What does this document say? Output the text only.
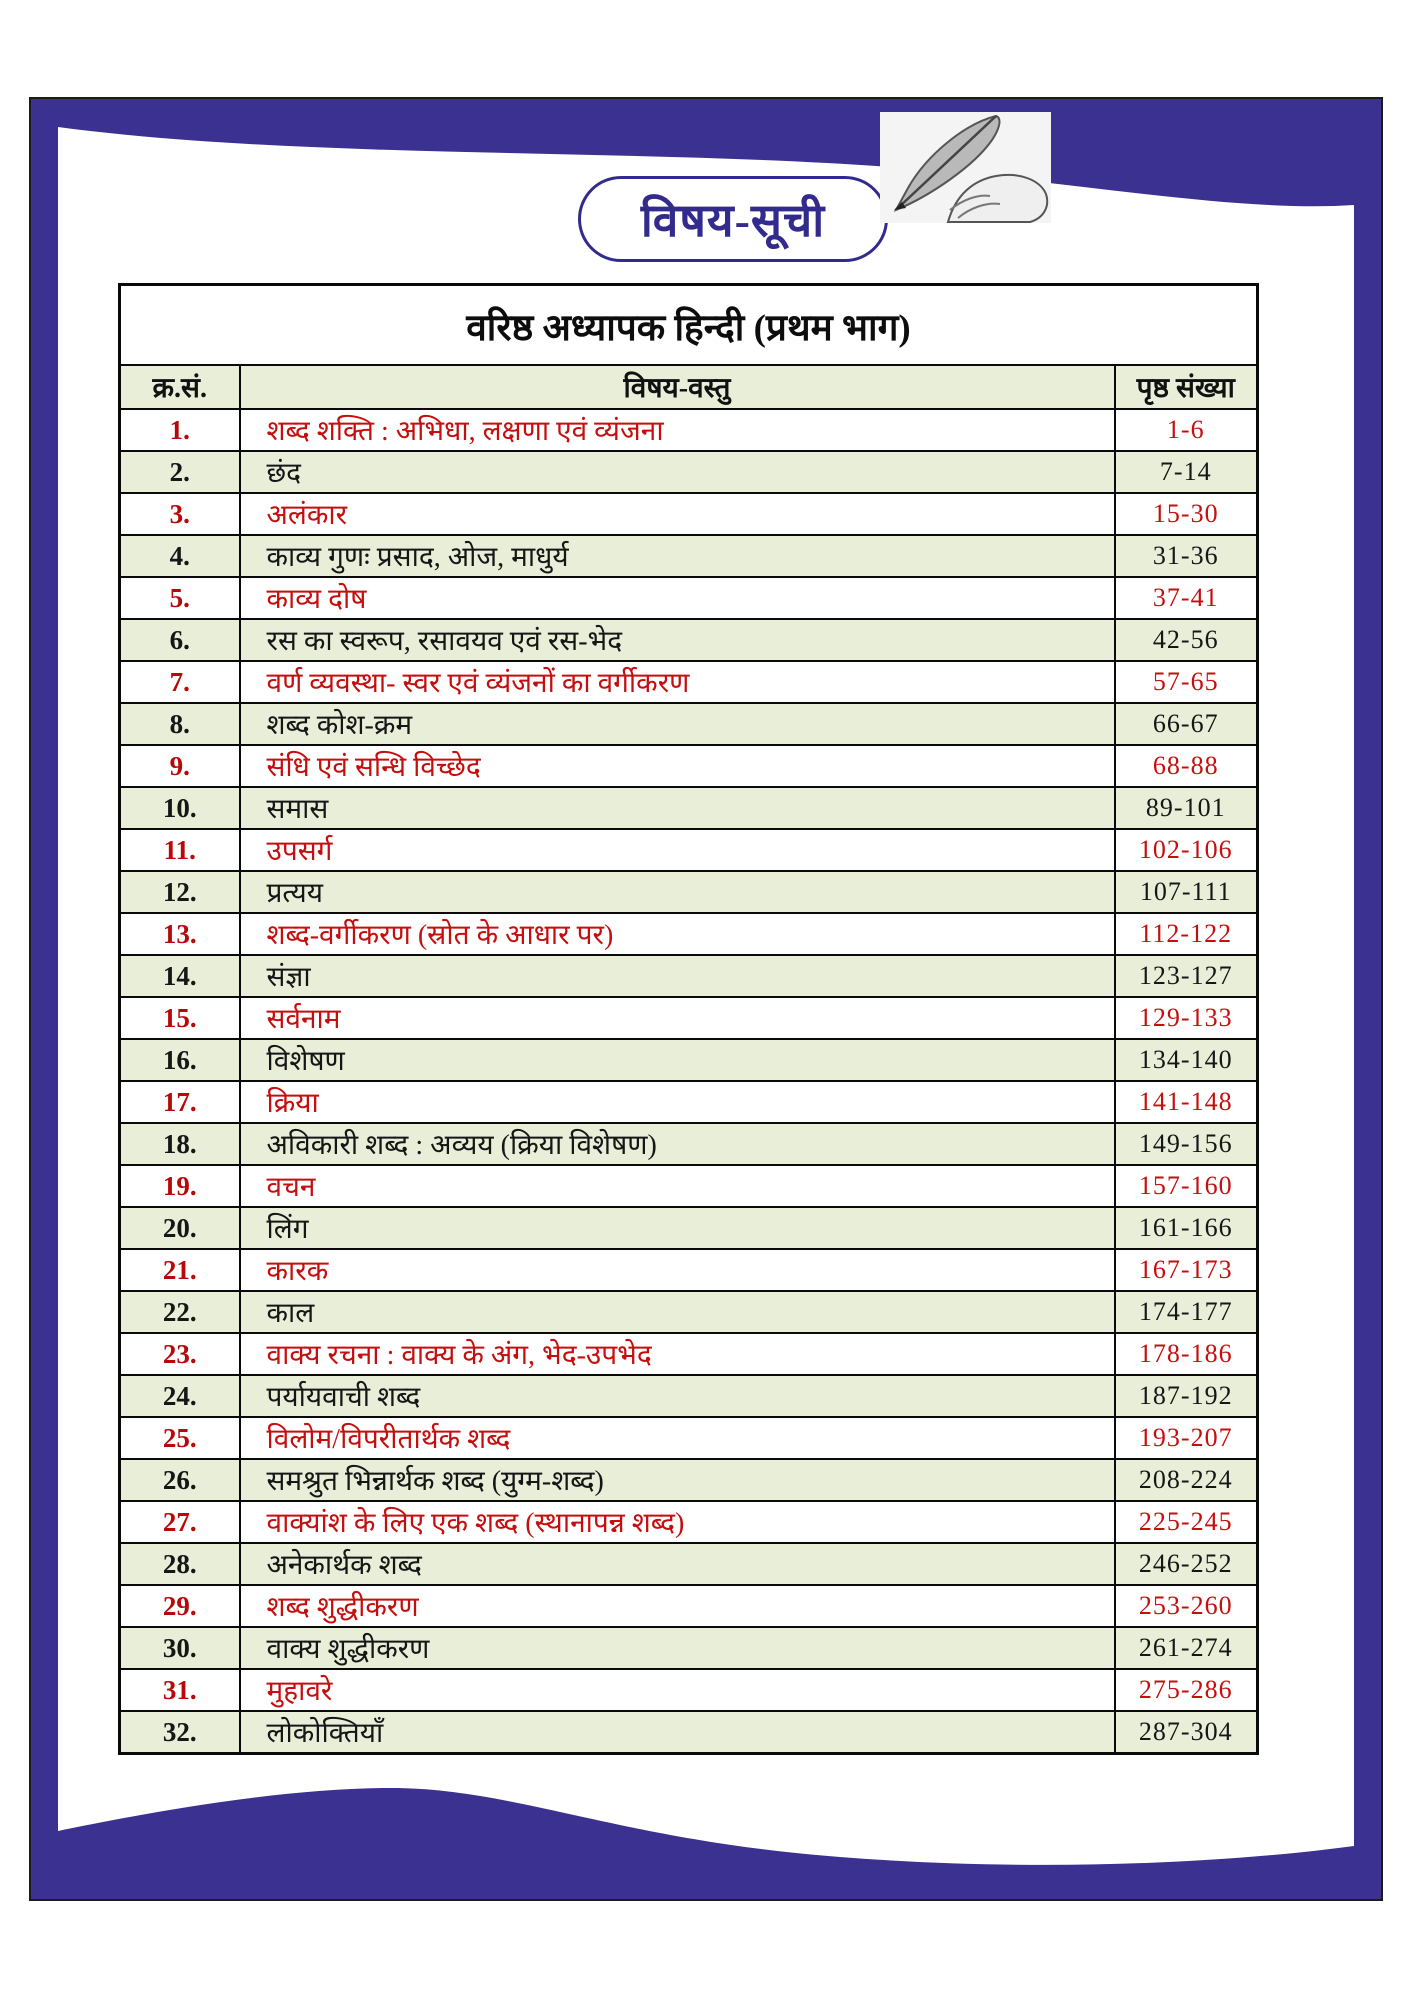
विषय-सूची
वरिष्ठ अध्यापक हिन्दी (प्रथम भाग)		
क्र.सं.	विषय-वस्तु	पृष्ठ संख्या
1.	शब्द शक्ति : अभिधा, लक्षणा एवं व्यंजना	1-6
2.	छंद	7-14
3.	अलंकार	15-30
4.	काव्य गुणः प्रसाद, ओज, माधुर्य	31-36
5.	काव्य दोष	37-41
6.	रस का स्वरूप, रसावयव एवं रस-भेद	42-56
7.	वर्ण व्यवस्था- स्वर एवं व्यंजनों का वर्गीकरण	57-65
8.	शब्द कोश-क्रम	66-67
9.	संधि एवं सन्धि विच्छेद	68-88
10.	समास	89-101
11.	उपसर्ग	102-106
12.	प्रत्यय	107-111
13.	शब्द-वर्गीकरण (स्रोत के आधार पर)	112-122
14.	संज्ञा	123-127
15.	सर्वनाम	129-133
16.	विशेषण	134-140
17.	क्रिया	141-148
18.	अविकारी शब्द : अव्यय (क्रिया विशेषण)	149-156
19.	वचन	157-160
20.	लिंग	161-166
21.	कारक	167-173
22.	काल	174-177
23.	वाक्य रचना : वाक्य के अंग, भेद-उपभेद	178-186
24.	पर्यायवाची शब्द	187-192
25.	विलोम/विपरीतार्थक शब्द	193-207
26.	समश्रुत भिन्नार्थक शब्द (युग्म-शब्द)	208-224
27.	वाक्यांश के लिए एक शब्द (स्थानापन्न शब्द)	225-245
28.	अनेकार्थक शब्द	246-252
29.	शब्द शुद्धीकरण	253-260
30.	वाक्य शुद्धीकरण	261-274
31.	मुहावरे	275-286
32.	लोकोक्तियाँ	287-304
